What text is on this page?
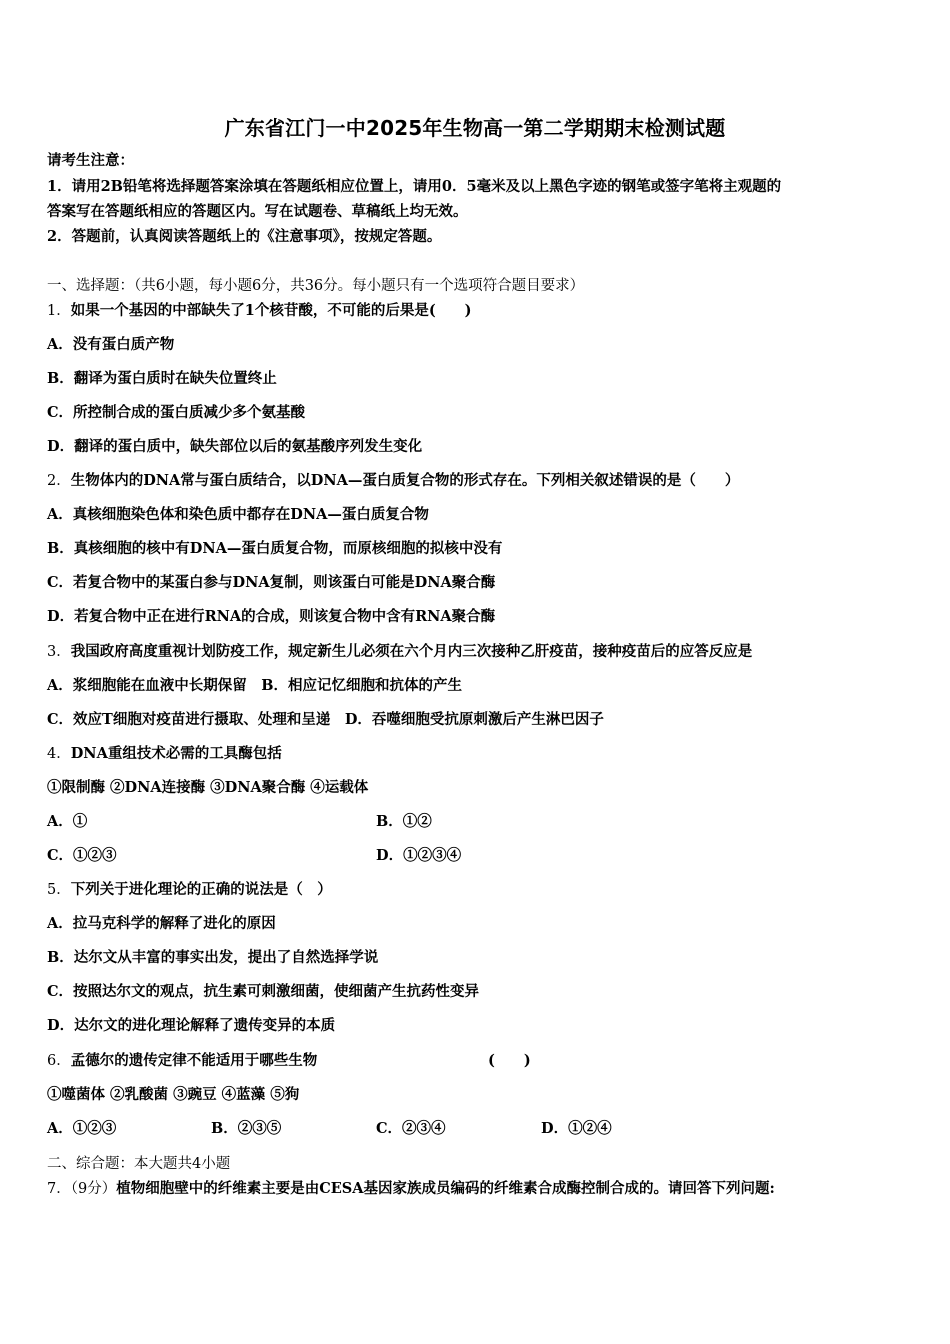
广东省江门一中2025年生物高一第二学期期末检测试题
请考生注意：
1．请用2B铅笔将选择题答案涂填在答题纸相应位置上，请用0．5毫米及以上黑色字迹的钢笔或签字笔将主观题的
答案写在答题纸相应的答题区内。写在试题卷、草稿纸上均无效。
2．答题前，认真阅读答题纸上的《注意事项》，按规定答题。
一、选择题：（共6小题，每小题6分，共36分。每小题只有一个选项符合题目要求）
1．如果一个基因的中部缺失了1个核苷酸，不可能的后果是(　　)
A．没有蛋白质产物
B．翻译为蛋白质时在缺失位置终止
C．所控制合成的蛋白质减少多个氨基酸
D．翻译的蛋白质中，缺失部位以后的氨基酸序列发生变化
2．生物体内的DNA常与蛋白质结合，以DNA—蛋白质复合物的形式存在。下列相关叙述错误的是（　　）
A．真核细胞染色体和染色质中都存在DNA—蛋白质复合物
B．真核细胞的核中有DNA—蛋白质复合物，而原核细胞的拟核中没有
C．若复合物中的某蛋白参与DNA复制，则该蛋白可能是DNA聚合酶
D．若复合物中正在进行RNA的合成，则该复合物中含有RNA聚合酶
3．我国政府高度重视计划防疫工作，规定新生儿必须在六个月内三次接种乙肝疫苗，接种疫苗后的应答反应是
A．浆细胞能在血液中长期保留　B．相应记忆细胞和抗体的产生
C．效应T细胞对疫苗进行摄取、处理和呈递　D．吞噬细胞受抗原刺激后产生淋巴因子
4．DNA重组技术必需的工具酶包括
①限制酶 ②DNA连接酶 ③DNA聚合酶 ④运载体
A．①	B．①②
C．①②③	D．①②③④
5．下列关于进化理论的正确的说法是（　）
A．拉马克科学的解释了进化的原因
B．达尔文从丰富的事实出发，提出了自然选择学说
C．按照达尔文的观点，抗生素可刺激细菌，使细菌产生抗药性变异
D．达尔文的进化理论解释了遗传变异的本质
6．孟德尔的遗传定律不能适用于哪些生物	(　　)
①噬菌体 ②乳酸菌 ③豌豆 ④蓝藻 ⑤狗
A．①②③	B．②③⑤	C．②③④	D．①②④
二、综合题：本大题共4小题
7．（9分）植物细胞壁中的纤维素主要是由CESA基因家族成员编码的纤维素合成酶控制合成的。请回答下列问题:
